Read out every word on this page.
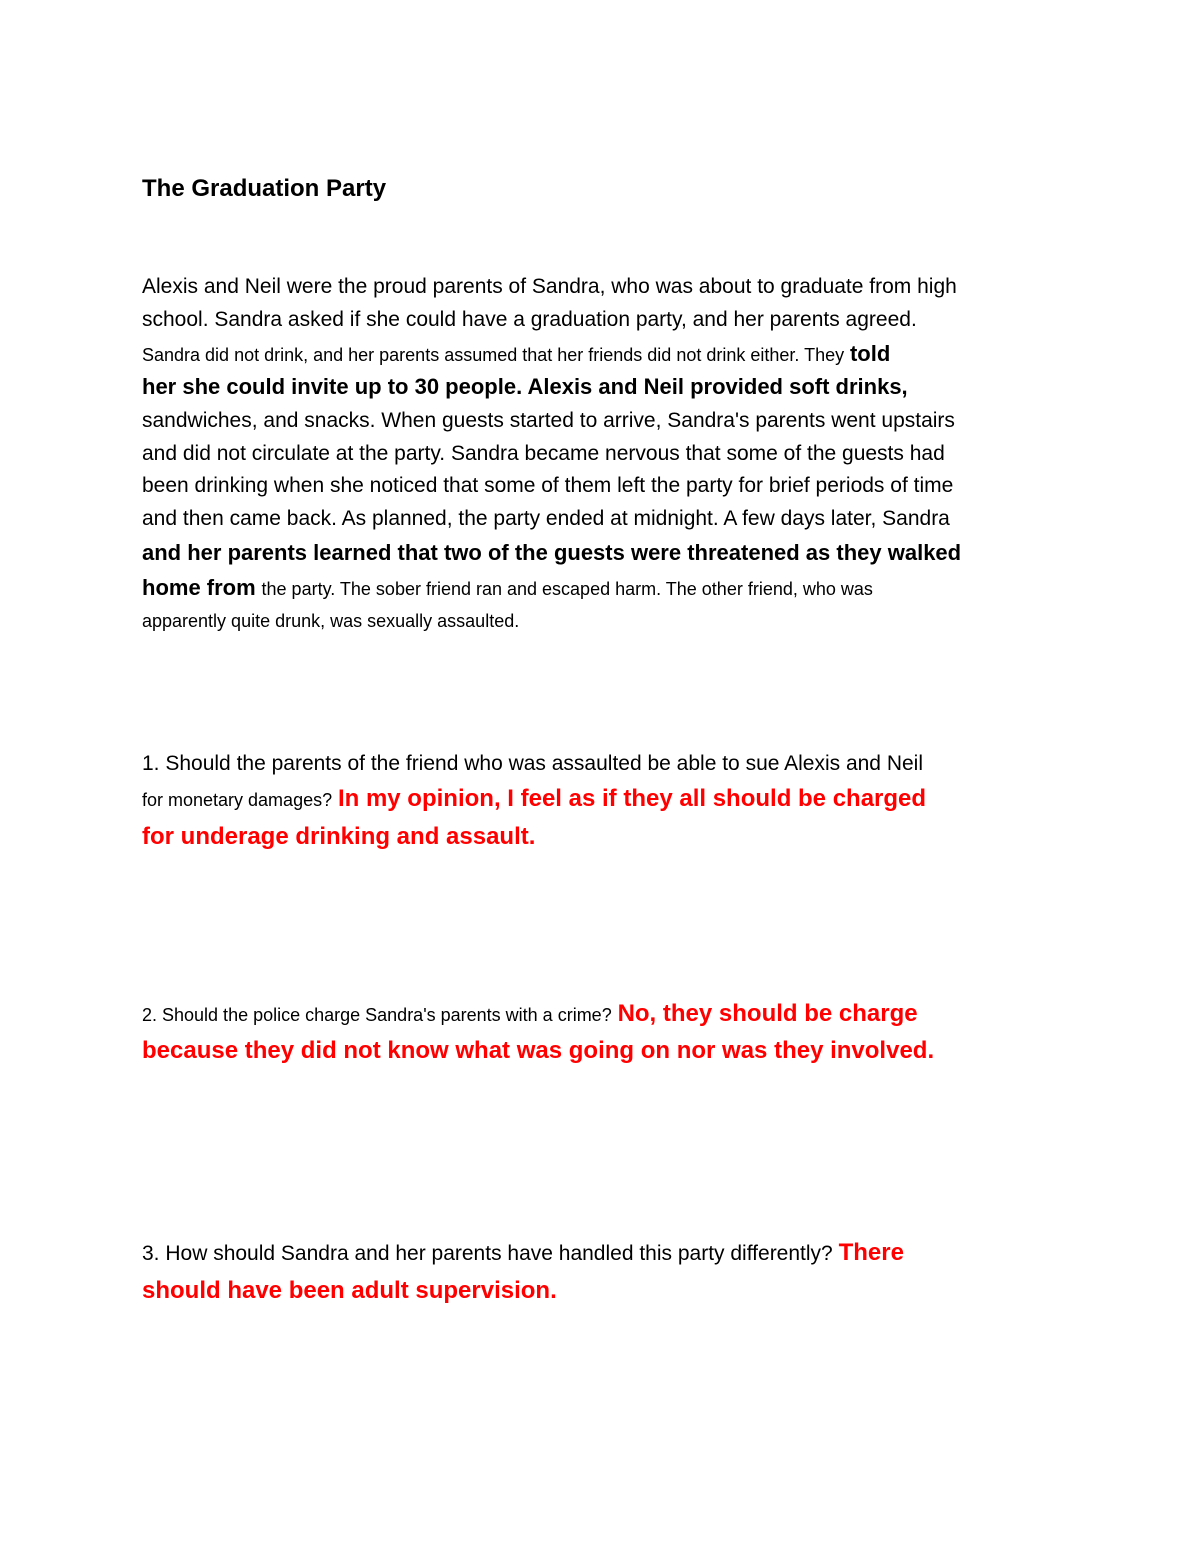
The Graduation Party

Alexis and Neil were the proud parents of Sandra, who was about to graduate from high

school. Sandra asked if she could have a graduation party, and her parents agreed.

Sandra did not drink, and her parents assumed that her friends did not drink either. They told

her she could invite up to 30 people. Alexis and Neil provided soft drinks,

sandwiches, and snacks. When guests started to arrive, Sandra's parents went upstairs

and did not circulate at the party. Sandra became nervous that some of the guests had

been drinking when she noticed that some of them left the party for brief periods of time

and then came back. As planned, the party ended at midnight. A few days later, Sandra

and her parents learned that two of the guests were threatened as they walked

home from the party. The sober friend ran and escaped harm. The other friend, who was

apparently quite drunk, was sexually assaulted.

1. Should the parents of the friend who was assaulted be able to sue Alexis and Neil

for monetary damages? In my opinion, I feel as if they all should be charged

for underage drinking and assault.

2. Should the police charge Sandra's parents with a crime? No, they should be charge

because they did not know what was going on nor was they involved.

3. How should Sandra and her parents have handled this party differently? There

should have been adult supervision.
